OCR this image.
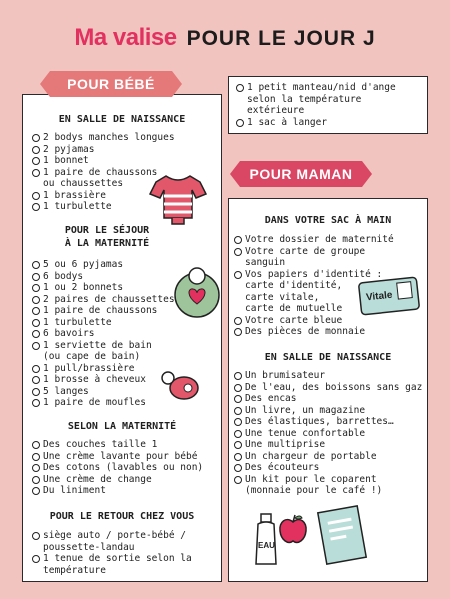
Ma valise POUR LE JOUR J
POUR BÉBÉ
EN SALLE DE NAISSANCE
2 bodys manches longues
2 pyjamas
1 bonnet
1 paire de chaussons
ou chaussettes
1 brassière
1 turbulette
POUR LE SÉJOUR
À LA MATERNITÉ
5 ou 6 pyjamas
6 bodys
1 ou 2 bonnets
2 paires de chaussettes
1 paire de chaussons
1 turbulette
6 bavoirs
1 serviette de bain
(ou cape de bain)
1 pull/brassière
1 brosse à cheveux
5 langes
1 paire de moufles
SELON LA MATERNITÉ
Des couches taille 1
Une crème lavante pour bébé
Des cotons (lavables ou non)
Une crème de change
Du liniment
POUR LE RETOUR CHEZ VOUS
siège auto / porte-bébé /
poussette-landau
1 tenue de sortie selon la
température
1 petit manteau/nid d'ange
selon la température
extérieure
1 sac à langer
POUR MAMAN
DANS VOTRE SAC À MAIN
Votre dossier de maternité
Votre carte de groupe
sanguin
Vos papiers d'identité :
carte d'identité,
carte vitale,
carte de mutuelle
Votre carte bleue
Des pièces de monnaie
Vitale
EN SALLE DE NAISSANCE
Un brumisateur
De l'eau, des boissons sans gaz
Des encas
Un livre, un magazine
Des élastiques, barrettes…
Une tenue confortable
Une multiprise
Un chargeur de portable
Des écouteurs
Un kit pour le coparent
(monnaie pour le café !)
EAU
